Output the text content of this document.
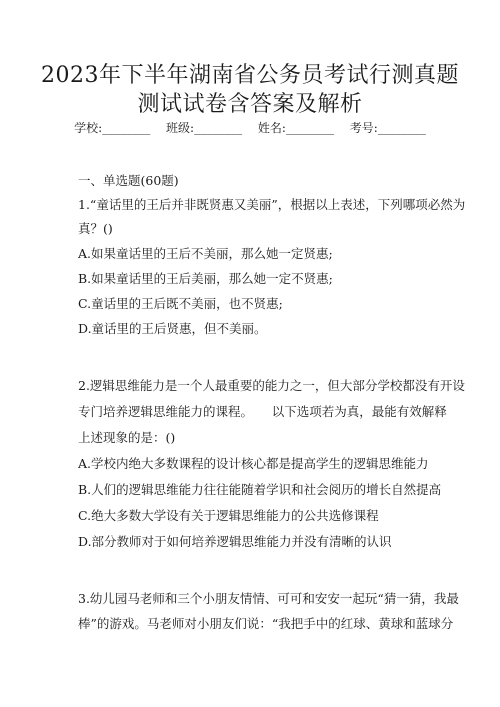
2023年下半年湖南省公务员考试行测真题
测试试卷含答案及解析
学校:________ 班级:________ 姓名:________ 考号:________
一、单选题(60题)
1.“童话里的王后并非既贤惠又美丽”，根据以上表述，下列哪项必然为
真？()
A.如果童话里的王后不美丽，那么她一定贤惠;
B.如果童话里的王后美丽，那么她一定不贤惠;
C.童话里的王后既不美丽，也不贤惠;
D.童话里的王后贤惠，但不美丽。
2.逻辑思维能力是一个人最重要的能力之一，但大部分学校都没有开设
专门培养逻辑思维能力的课程。　　以下选项若为真，最能有效解释
上述现象的是：()
A.学校内绝大多数课程的设计核心都是提高学生的逻辑思维能力
B.人们的逻辑思维能力往往能随着学识和社会阅历的增长自然提高
C.绝大多数大学设有关于逻辑思维能力的公共选修课程
D.部分教师对于如何培养逻辑思维能力并没有清晰的认识
3.幼儿园马老师和三个小朋友情情、可可和安安一起玩“猜一猜，我最
棒”的游戏。马老师对小朋友们说：“我把手中的红球、黄球和蓝球分
